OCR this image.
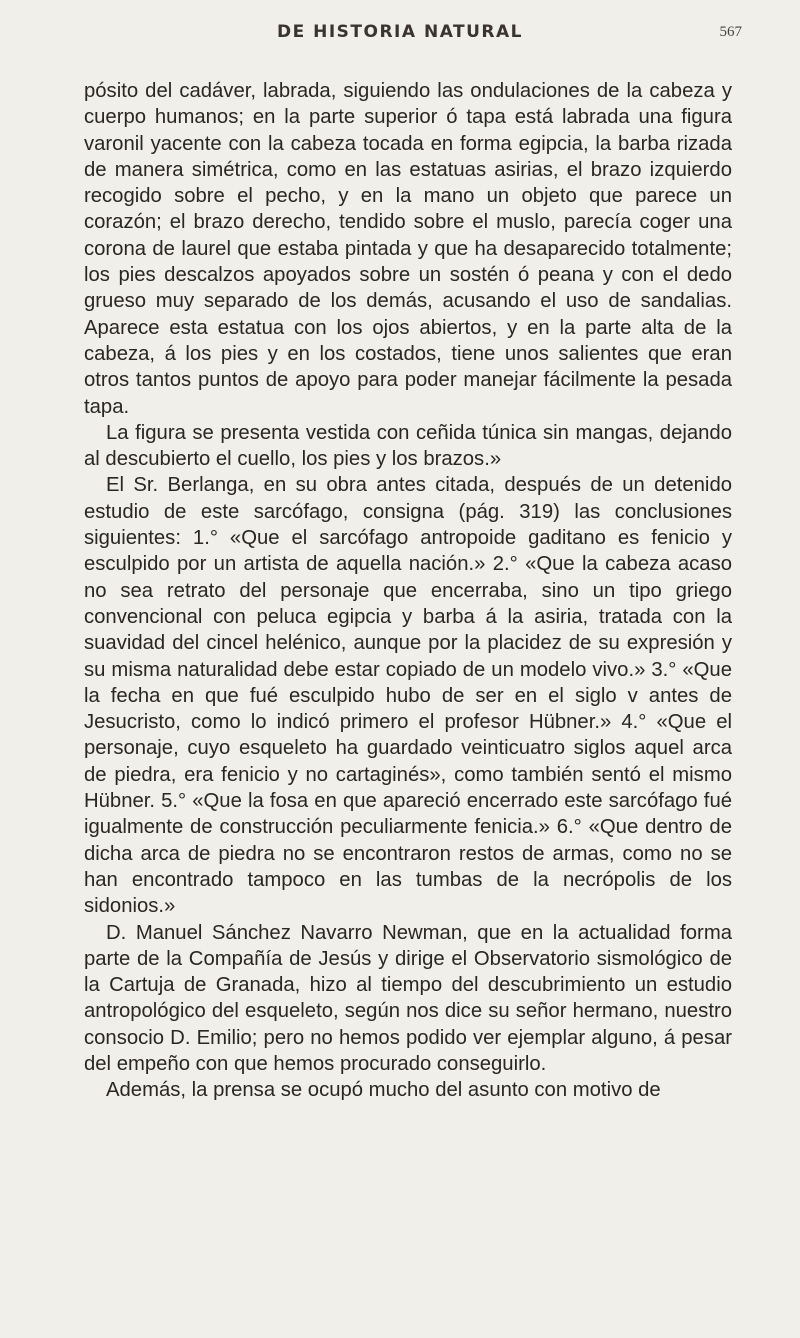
DE HISTORIA NATURAL	567

pósito del cadáver, labrada, siguiendo las ondulaciones de la cabeza y cuerpo humanos; en la parte superior ó tapa está labrada una figura varonil yacente con la cabeza tocada en forma egipcia, la barba rizada de manera simétrica, como en las estatuas asirias, el brazo izquierdo recogido sobre el pecho, y en la mano un objeto que parece un corazón; el brazo derecho, tendido sobre el muslo, parecía coger una corona de laurel que estaba pintada y que ha desaparecido totalmente; los pies descalzos apoyados sobre un sostén ó peana y con el dedo grueso muy separado de los demás, acusando el uso de sandalias. Aparece esta estatua con los ojos abiertos, y en la parte alta de la cabeza, á los pies y en los costados, tiene unos salientes que eran otros tantos puntos de apoyo para poder manejar fácilmente la pesada tapa.

La figura se presenta vestida con ceñida túnica sin mangas, dejando al descubierto el cuello, los pies y los brazos.»

El Sr. Berlanga, en su obra antes citada, después de un detenido estudio de este sarcófago, consigna (pág. 319) las conclusiones siguientes: 1.° «Que el sarcófago antropoide gaditano es fenicio y esculpido por un artista de aquella nación.» 2.° «Que la cabeza acaso no sea retrato del personaje que encerraba, sino un tipo griego convencional con peluca egipcia y barba á la asiria, tratada con la suavidad del cincel helénico, aunque por la placidez de su expresión y su misma naturalidad debe estar copiado de un modelo vivo.» 3.° «Que la fecha en que fué esculpido hubo de ser en el siglo v antes de Jesucristo, como lo indicó primero el profesor Hübner.» 4.° «Que el personaje, cuyo esqueleto ha guardado veinticuatro siglos aquel arca de piedra, era fenicio y no cartaginés», como también sentó el mismo Hübner. 5.° «Que la fosa en que apareció encerrado este sarcófago fué igualmente de construcción peculiarmente fenicia.» 6.° «Que dentro de dicha arca de piedra no se encontraron restos de armas, como no se han encontrado tampoco en las tumbas de la necrópolis de los sidonios.»

D. Manuel Sánchez Navarro Newman, que en la actualidad forma parte de la Compañía de Jesús y dirige el Observatorio sismológico de la Cartuja de Granada, hizo al tiempo del descubrimiento un estudio antropológico del esqueleto, según nos dice su señor hermano, nuestro consocio D. Emilio; pero no hemos podido ver ejemplar alguno, á pesar del empeño con que hemos procurado conseguirlo.

Además, la prensa se ocupó mucho del asunto con motivo de
